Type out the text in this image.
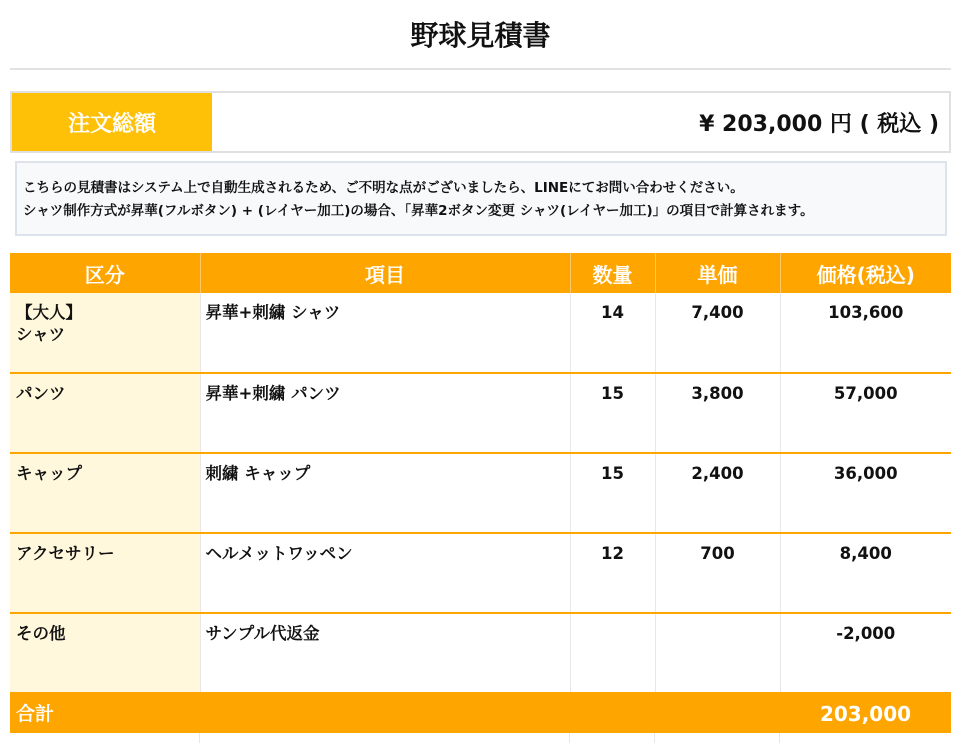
野球見積書
注文総額	¥ 203,000 円 ( 税込 )
こちらの見積書はシステム上で自動生成されるため、ご不明な点がございましたら、LINEにてお問い合わせください。
シャツ制作方式が昇華(フルボタン) + (レイヤー加工)の場合、「昇華2ボタン変更 シャツ(レイヤー加工)」の項目で計算されます。
区分	項目	数量	単価	価格(税込)
【大人】
シャツ	昇華+刺繍 シャツ	14	7,400	103,600
パンツ	昇華+刺繍 パンツ	15	3,800	57,000
キャップ	刺繍 キャップ	15	2,400	36,000
アクセサリー	ヘルメットワッペン	12	700	8,400
その他	サンプル代返金			-2,000
合計				203,000
